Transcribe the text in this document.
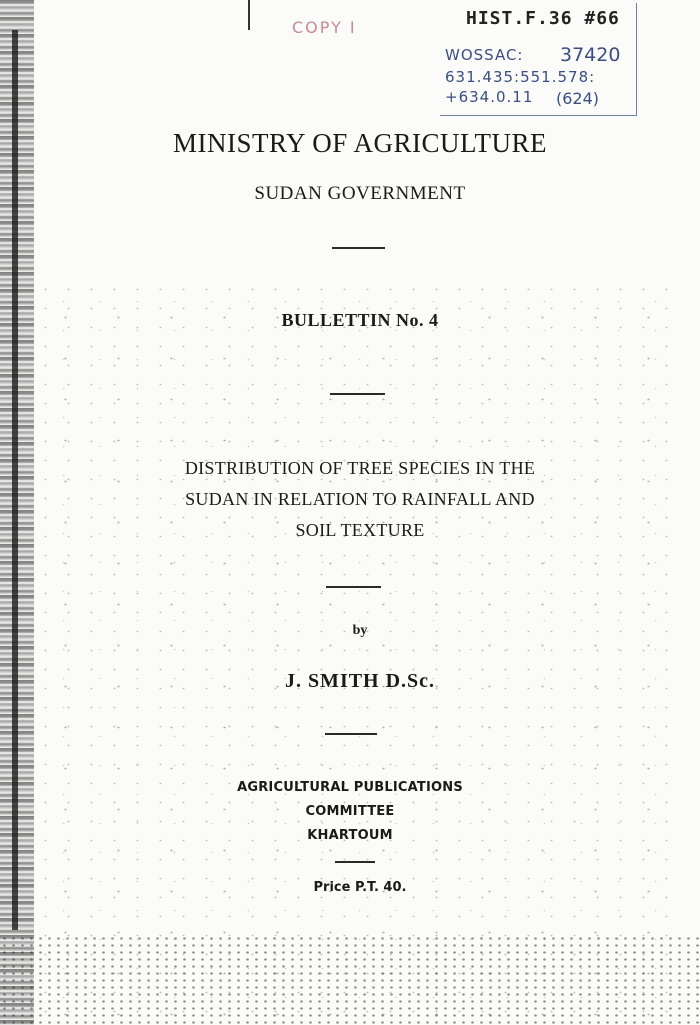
COPY I	HIST.F.36 #66
WOSSAC: 37420
631.435:551.578:
+634.0.11 (624)
MINISTRY OF AGRICULTURE
SUDAN GOVERNMENT
BULLETTIN No. 4
DISTRIBUTION OF TREE SPECIES IN THE
SUDAN IN RELATION TO RAINFALL AND
SOIL TEXTURE
by
J. SMITH D.Sc.
AGRICULTURAL PUBLICATIONS
COMMITTEE
KHARTOUM
Price P.T. 40.
